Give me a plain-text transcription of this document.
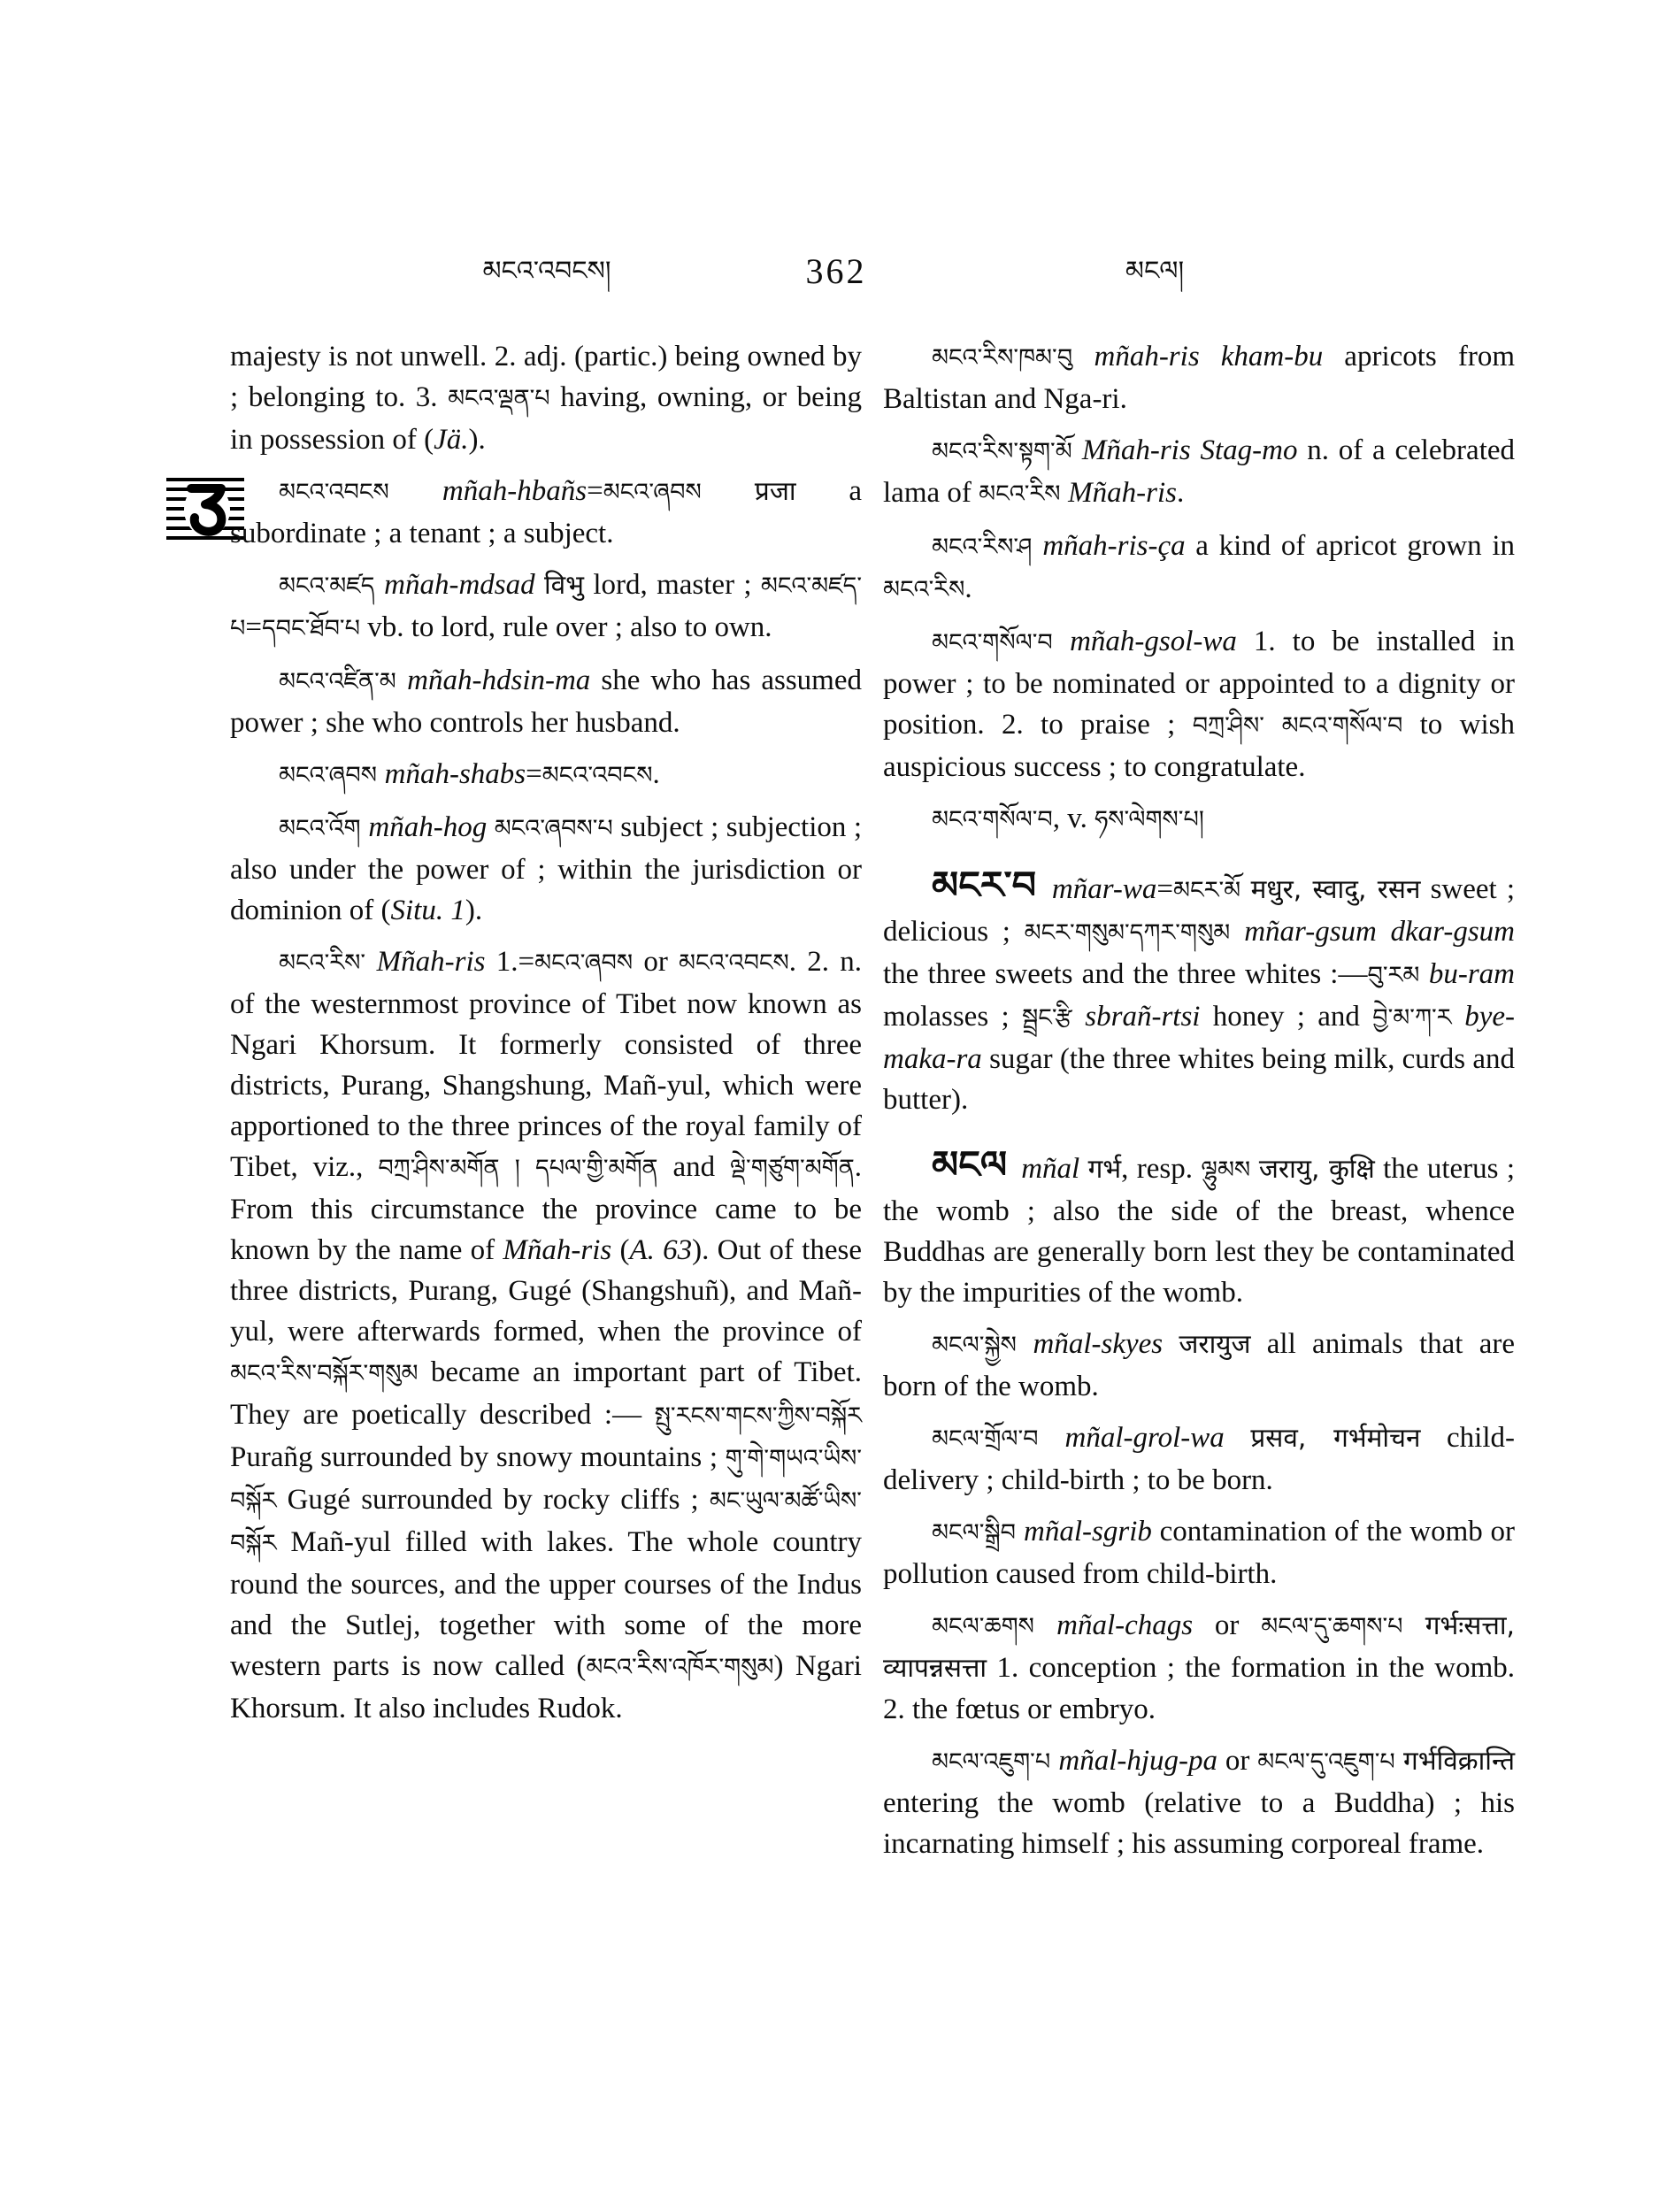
མངའ་འབངས།	362	མངལ།

majesty is not unwell. 2. adj. (partic.) being owned by ; belonging to. 3. མངའ་ལྡན་པ having, owning, or being in possession of (Jä.).

མངའ་འབངས mñah-hbañs=མངའ་ཞབས प्रजा a subordinate ; a tenant ; a subject.

མངའ་མཛད mñah-mdsad विभु lord, master ; མངའ་མཛད་པ=དབང་ཐོབ་པ vb. to lord, rule over ; also to own.

མངའ་འཛིན་མ mñah-hdsin-ma she who has assumed power ; she who controls her husband.

མངའ་ཞབས mñah-shabs=མངའ་འབངས.

མངའ་འོག mñah-hog མངའ་ཞབས་པ subject ; subjection ; also under the power of ; within the jurisdiction or dominion of (Situ. 1).

མངའ་རིས་ Mñah-ris 1.=མངའ་ཞབས or མངའ་འབངས. 2. n. of the westernmost province of Tibet now known as Ngari Khorsum. It formerly consisted of three districts, Purang, Shangshung, Mañ-yul, which were apportioned to the three princes of the royal family of Tibet, viz., བཀྲ་ཤིས་མགོན ། དཔལ་གྱི་མགོན and ལྡེ་གཙུག་མགོན. From this circumstance the province came to be known by the name of Mñah-ris (A. 63). Out of these three districts, Purang, Gugé (Shangshuñ), and Mañ-yul, were afterwards formed, when the province of མངའ་རིས་བསྐོར་གསུམ became an important part of Tibet. They are poetically described :— སྤུ་རངས་གངས་ཀྱིས་བསྐོར Purañg surrounded by snowy mountains ; གུ་གེ་གཡའ་ཡིས་བསྐོར Gugé surrounded by rocky cliffs ; མང་ཡུལ་མཚོ་ཡིས་བསྐོར Mañ-yul filled with lakes. The whole country round the sources, and the upper courses of the Indus and the Sutlej, together with some of the more western parts is now called (མངའ་རིས་འཁོར་གསུམ) Ngari Khorsum. It also includes Rudok.

མངའ་རིས་ཁམ་བུ mñah-ris kham-bu apricots from Baltistan and Nga-ri.

མངའ་རིས་སྟག་མོ Mñah-ris Stag-mo n. of a celebrated lama of མངའ་རིས Mñah-ris.

མངའ་རིས་ཤ mñah-ris-ça a kind of apricot grown in མངའ་རིས.

མངའ་གསོལ་བ mñah-gsol-wa 1. to be installed in power ; to be nominated or appointed to a dignity or position. 2. to praise ; བཀྲ་ཤིས་ མངའ་གསོལ་བ to wish auspicious success ; to congratulate.

མངའ་གསོལ་བ, v. ཧས་ལེགས་པ།

མངར་བ mñar-wa=མངར་མོ मधुर, स्वादु, रसन sweet ; delicious ; མངར་གསུམ་དཀར་གསུམ mñar-gsum dkar-gsum the three sweets and the three whites :—བུ་རམ bu-ram molasses ; སྦྲང་རྩི sbrañ-rtsi honey ; and བྱེ་མ་ཀ་ར bye-maka-ra sugar (the three whites being milk, curds and butter).

མངལ mñal गर्भ, resp. ལྷུམས जरायु, कुक्षि the uterus ; the womb ; also the side of the breast, whence Buddhas are generally born lest they be contaminated by the impurities of the womb.

མངལ་སྐྱེས mñal-skyes जरायुज all animals that are born of the womb.

མངལ་གྲོལ་བ mñal-grol-wa प्रसव, गर्भमोचन child-delivery ; child-birth ; to be born.

མངལ་སྒྲིབ mñal-sgrib contamination of the womb or pollution caused from child-birth.

མངལ་ཆགས mñal-chags or མངལ་དུ་ཆགས་པ गर्भःसत्ता, व्यापन्नसत्ता 1. conception ; the formation in the womb. 2. the fœtus or embryo.

མངལ་འཇུག་པ mñal-hjug-pa or མངལ་དུ་འཇུག་པ गर्भविक्रान्ति entering the womb (relative to a Buddha) ; his incarnating himself ; his assuming corporeal frame.
